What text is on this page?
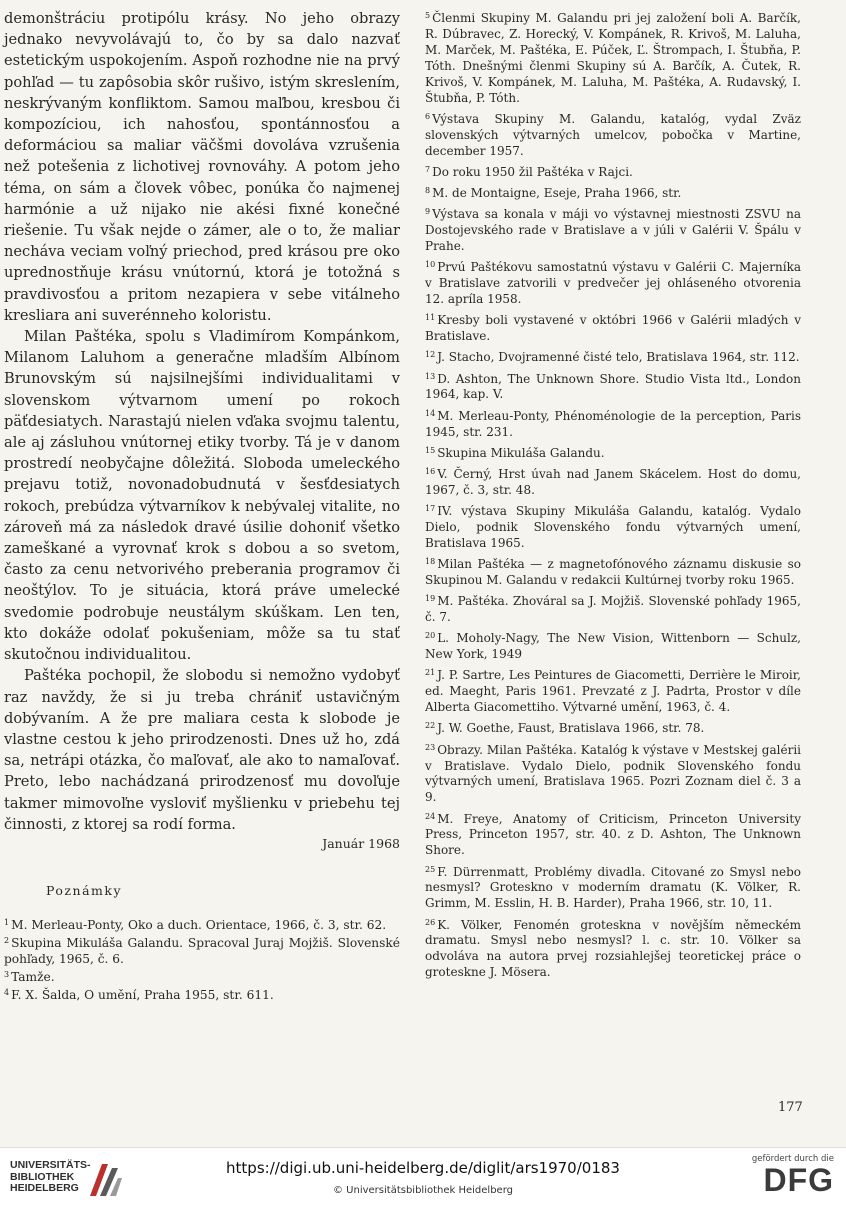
demonštráciu protipólu krásy. No jeho obrazy jednako nevyvolávajú to, čo by sa dalo nazvať estetickým uspokojením. Aspoň rozhodne nie na prvý pohľad — tu zapôsobia skôr rušivo, istým skreslením, neskrývaným konfliktom. Samou maľbou, kresbou či kompozíciou, ich nahosťou, spontánnosťou a deformáciou sa maliar väčšmi dovoláva vzrušenia než potešenia z lichotivej rovnováhy. A potom jeho téma, on sám a človek vôbec, ponúka čo najmenej harmónie a už nijako nie akési fixné konečné riešenie. Tu však nejde o zámer, ale o to, že maliar necháva veciam voľný priechod, pred krásou pre oko uprednostňuje krásu vnútornú, ktorá je totožná s pravdivosťou a pritom nezapiera v sebe vitálneho kresliara ani suverénneho koloristu.

Milan Paštéka, spolu s Vladimírom Kompánkom, Milanom Laluhom a generačne mladším Albínom Brunovským sú najsilnejšími individualitami v slovenskom výtvarnom umení po rokoch päťdesiatych. Narastajú nielen vďaka svojmu talentu, ale aj zásluhou vnútornej etiky tvorby. Tá je v danom prostredí neobyčajne dôležitá. Sloboda umeleckého prejavu totiž, novonadobudnutá v šesťdesiatych rokoch, prebúdza výtvarníkov k nebývalej vitalite, no zároveň má za následok dravé úsilie dohoniť všetko zameškané a vyrovnať krok s dobou a so svetom, často za cenu netvorivého preberania programov či neoštýlov. To je situácia, ktorá práve umelecké svedomie podrobuje neustálym skúškam. Len ten, kto dokáže odolať pokušeniam, môže sa tu stať skutočnou individualitou.

Paštéka pochopil, že slobodu si nemožno vydobyť raz navždy, že si ju treba chrániť ustavičným dobývaním. A že pre maliara cesta k slobode je vlastne cestou k jeho prirodzenosti. Dnes už ho, zdá sa, netrápi otázka, čo maľovať, ale ako to namaľovať. Preto, lebo nachádzaná prirodzenosť mu dovoľuje takmer mimovoľne vysloviť myšlienku v priebehu tej činnosti, z ktorej sa rodí forma.

Január 1968

Poznámky
$^1$ M. Merleau-Ponty, Oko a duch. Orientace, 1966, č. 3, str. 62.
$^2$ Skupina Mikuláša Galandu. Spracoval Juraj Mojžiš. Slovenské pohľady, 1965, č. 6.
$^3$ Tamže.
$^4$ F. X. Šalda, O umění, Praha 1955, str. 611.
$^5$ Členmi Skupiny M. Galandu pri jej založení boli A. Barčík, R. Dúbravec, Z. Horecký, V. Kompánek, R. Krivoš, M. Laluha, M. Marček, M. Paštéka, E. Púček, Ľ. Štrompach, I. Štubňa, P. Tóth. Dnešnými členmi Skupiny sú A. Barčík, A. Čutek, R. Krivoš, V. Kompánek, M. Laluha, M. Paštéka, A. Rudavský, I. Štubňa, P. Tóth.
$^6$ Výstava Skupiny M. Galandu, katalóg, vydal Zväz slovenských výtvarných umelcov, pobočka v Martine, december 1957.
$^7$ Do roku 1950 žil Paštéka v Rajci.
$^8$ M. de Montaigne, Eseje, Praha 1966, str.
$^9$ Výstava sa konala v máji vo výstavnej miestnosti ZSVU na Dostojevského rade v Bratislave a v júli v Galérii V. Špálu v Prahe.
$^{10}$ Prvú Paštékovu samostatnú výstavu v Galérii C. Majerníka v Bratislave zatvorili v predvečer jej ohláseného otvorenia 12. apríla 1958.
$^{11}$ Kresby boli vystavené v októbri 1966 v Galérii mladých v Bratislave.
$^{12}$ J. Stacho, Dvojramenné čisté telo, Bratislava 1964, str. 112.
$^{13}$ D. Ashton, The Unknown Shore. Studio Vista ltd., London 1964, kap. V.
$^{14}$ M. Merleau-Ponty, Phénoménologie de la perception, Paris 1945, str. 231.
$^{15}$ Skupina Mikuláša Galandu.
$^{16}$ V. Černý, Hrst úvah nad Janem Skácelem. Host do domu, 1967, č. 3, str. 48.
$^{17}$ IV. výstava Skupiny Mikuláša Galandu, katalóg. Vydalo Dielo, podnik Slovenského fondu výtvarných umení, Bratislava 1965.
$^{18}$ Milan Paštéka — z magnetofónového záznamu diskusie so Skupinou M. Galandu v redakcii Kultúrnej tvorby roku 1965.
$^{19}$ M. Paštéka. Zhováral sa J. Mojžiš. Slovenské pohľady 1965, č. 7.
$^{20}$ L. Moholy-Nagy, The New Vision, Wittenborn — Schulz, New York, 1949
$^{21}$ J. P. Sartre, Les Peintures de Giacometti, Derrière le Miroir, ed. Maeght, Paris 1961. Prevzaté z J. Padrta, Prostor v díle Alberta Giacomettiho. Výtvarné umění, 1963, č. 4.
$^{22}$ J. W. Goethe, Faust, Bratislava 1966, str. 78.
$^{23}$ Obrazy. Milan Paštéka. Katalóg k výstave v Mestskej galérii v Bratislave. Vydalo Dielo, podnik Slovenského fondu výtvarných umení, Bratislava 1965. Pozri Zoznam diel č. 3 a 9.
$^{24}$ M. Freye, Anatomy of Criticism, Princeton University Press, Princeton 1957, str. 40. z D. Ashton, The Unknown Shore.
$^{25}$ F. Dürrenmatt, Problémy divadla. Citované zo Smysl nebo nesmysl? Groteskno v moderním dramatu (K. Völker, R. Grimm, M. Esslin, H. B. Harder), Praha 1966, str. 10, 11.
$^{26}$ K. Völker, Fenomén groteskna v novějším německém dramatu. Smysl nebo nesmysl? l. c. str. 10. Völker sa odvoláva na autora prvej rozsiahlejšej teoretickej práce o groteskne J. Mösera.
177
UNIVERSITÄTS-
BIBLIOTHEK
HEIDELBERG
https://digi.ub.uni-heidelberg.de/diglit/ars1970/0183
© Universitätsbibliothek Heidelberg
gefördert durch die
DFG
